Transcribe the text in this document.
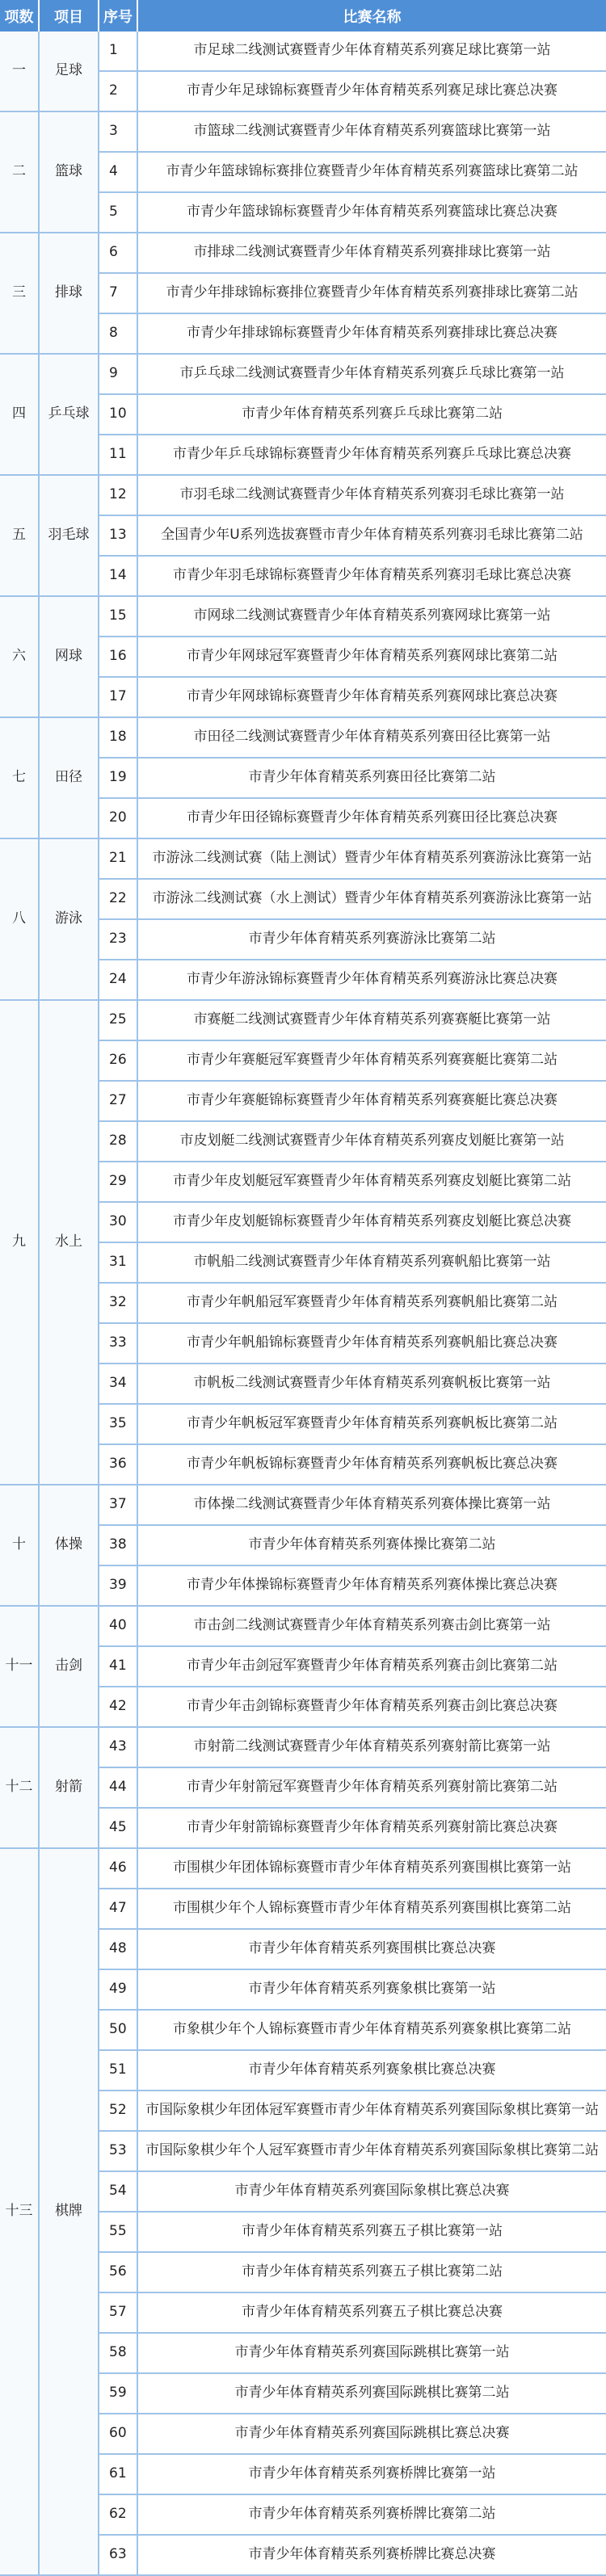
项数	项目	序号	比赛名称
一	足球	1	市足球二线测试赛暨青少年体育精英系列赛足球比赛第一站
		2	市青少年足球锦标赛暨青少年体育精英系列赛足球比赛总决赛
二	篮球	3	市篮球二线测试赛暨青少年体育精英系列赛篮球比赛第一站
		4	市青少年篮球锦标赛排位赛暨青少年体育精英系列赛篮球比赛第二站
		5	市青少年篮球锦标赛暨青少年体育精英系列赛篮球比赛总决赛
三	排球	6	市排球二线测试赛暨青少年体育精英系列赛排球比赛第一站
		7	市青少年排球锦标赛排位赛暨青少年体育精英系列赛排球比赛第二站
		8	市青少年排球锦标赛暨青少年体育精英系列赛排球比赛总决赛
四	乒乓球	9	市乒乓球二线测试赛暨青少年体育精英系列赛乒乓球比赛第一站
		10	市青少年体育精英系列赛乒乓球比赛第二站
		11	市青少年乒乓球锦标赛暨青少年体育精英系列赛乒乓球比赛总决赛
五	羽毛球	12	市羽毛球二线测试赛暨青少年体育精英系列赛羽毛球比赛第一站
		13	全国青少年U系列选拔赛暨市青少年体育精英系列赛羽毛球比赛第二站
		14	市青少年羽毛球锦标赛暨青少年体育精英系列赛羽毛球比赛总决赛
六	网球	15	市网球二线测试赛暨青少年体育精英系列赛网球比赛第一站
		16	市青少年网球冠军赛暨青少年体育精英系列赛网球比赛第二站
		17	市青少年网球锦标赛暨青少年体育精英系列赛网球比赛总决赛
七	田径	18	市田径二线测试赛暨青少年体育精英系列赛田径比赛第一站
		19	市青少年体育精英系列赛田径比赛第二站
		20	市青少年田径锦标赛暨青少年体育精英系列赛田径比赛总决赛
八	游泳	21	市游泳二线测试赛（陆上测试）暨青少年体育精英系列赛游泳比赛第一站
		22	市游泳二线测试赛（水上测试）暨青少年体育精英系列赛游泳比赛第一站
		23	市青少年体育精英系列赛游泳比赛第二站
		24	市青少年游泳锦标赛暨青少年体育精英系列赛游泳比赛总决赛
九	水上	25	市赛艇二线测试赛暨青少年体育精英系列赛赛艇比赛第一站
		26	市青少年赛艇冠军赛暨青少年体育精英系列赛赛艇比赛第二站
		27	市青少年赛艇锦标赛暨青少年体育精英系列赛赛艇比赛总决赛
		28	市皮划艇二线测试赛暨青少年体育精英系列赛皮划艇比赛第一站
		29	市青少年皮划艇冠军赛暨青少年体育精英系列赛皮划艇比赛第二站
		30	市青少年皮划艇锦标赛暨青少年体育精英系列赛皮划艇比赛总决赛
		31	市帆船二线测试赛暨青少年体育精英系列赛帆船比赛第一站
		32	市青少年帆船冠军赛暨青少年体育精英系列赛帆船比赛第二站
		33	市青少年帆船锦标赛暨青少年体育精英系列赛帆船比赛总决赛
		34	市帆板二线测试赛暨青少年体育精英系列赛帆板比赛第一站
		35	市青少年帆板冠军赛暨青少年体育精英系列赛帆板比赛第二站
		36	市青少年帆板锦标赛暨青少年体育精英系列赛帆板比赛总决赛
十	体操	37	市体操二线测试赛暨青少年体育精英系列赛体操比赛第一站
		38	市青少年体育精英系列赛体操比赛第二站
		39	市青少年体操锦标赛暨青少年体育精英系列赛体操比赛总决赛
十一	击剑	40	市击剑二线测试赛暨青少年体育精英系列赛击剑比赛第一站
		41	市青少年击剑冠军赛暨青少年体育精英系列赛击剑比赛第二站
		42	市青少年击剑锦标赛暨青少年体育精英系列赛击剑比赛总决赛
十二	射箭	43	市射箭二线测试赛暨青少年体育精英系列赛射箭比赛第一站
		44	市青少年射箭冠军赛暨青少年体育精英系列赛射箭比赛第二站
		45	市青少年射箭锦标赛暨青少年体育精英系列赛射箭比赛总决赛
十三	棋牌	46	市围棋少年团体锦标赛暨市青少年体育精英系列赛围棋比赛第一站
		47	市围棋少年个人锦标赛暨市青少年体育精英系列赛围棋比赛第二站
		48	市青少年体育精英系列赛围棋比赛总决赛
		49	市青少年体育精英系列赛象棋比赛第一站
		50	市象棋少年个人锦标赛暨市青少年体育精英系列赛象棋比赛第二站
		51	市青少年体育精英系列赛象棋比赛总决赛
		52	市国际象棋少年团体冠军赛暨市青少年体育精英系列赛国际象棋比赛第一站
		53	市国际象棋少年个人冠军赛暨市青少年体育精英系列赛国际象棋比赛第二站
		54	市青少年体育精英系列赛国际象棋比赛总决赛
		55	市青少年体育精英系列赛五子棋比赛第一站
		56	市青少年体育精英系列赛五子棋比赛第二站
		57	市青少年体育精英系列赛五子棋比赛总决赛
		58	市青少年体育精英系列赛国际跳棋比赛第一站
		59	市青少年体育精英系列赛国际跳棋比赛第二站
		60	市青少年体育精英系列赛国际跳棋比赛总决赛
		61	市青少年体育精英系列赛桥牌比赛第一站
		62	市青少年体育精英系列赛桥牌比赛第二站
		63	市青少年体育精英系列赛桥牌比赛总决赛
